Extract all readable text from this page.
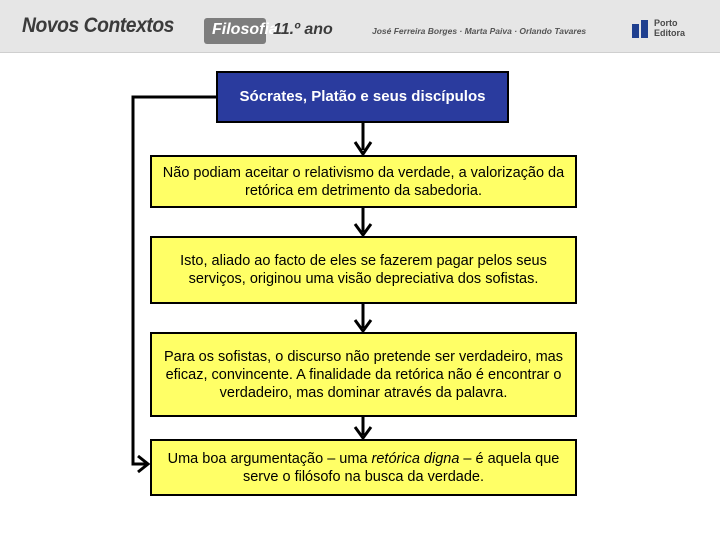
Novos Contextos Filosofia
11.º ano	José Ferreira Borges · Marta Paiva · Orlando Tavares
Porto
Editora
Sócrates, Platão e seus discípulos
Não podiam aceitar o relativismo da verdade, a valorização da retórica em detrimento da sabedoria.
Isto, aliado ao facto de eles se fazerem pagar pelos seus serviços, originou uma visão depreciativa dos sofistas.
Para os sofistas, o discurso não pretende ser verdadeiro, mas eficaz, convincente. A finalidade da retórica não é encontrar o verdadeiro, mas dominar através da palavra.
Uma boa argumentação – uma retórica digna – é aquela que serve o filósofo na busca da verdade.
